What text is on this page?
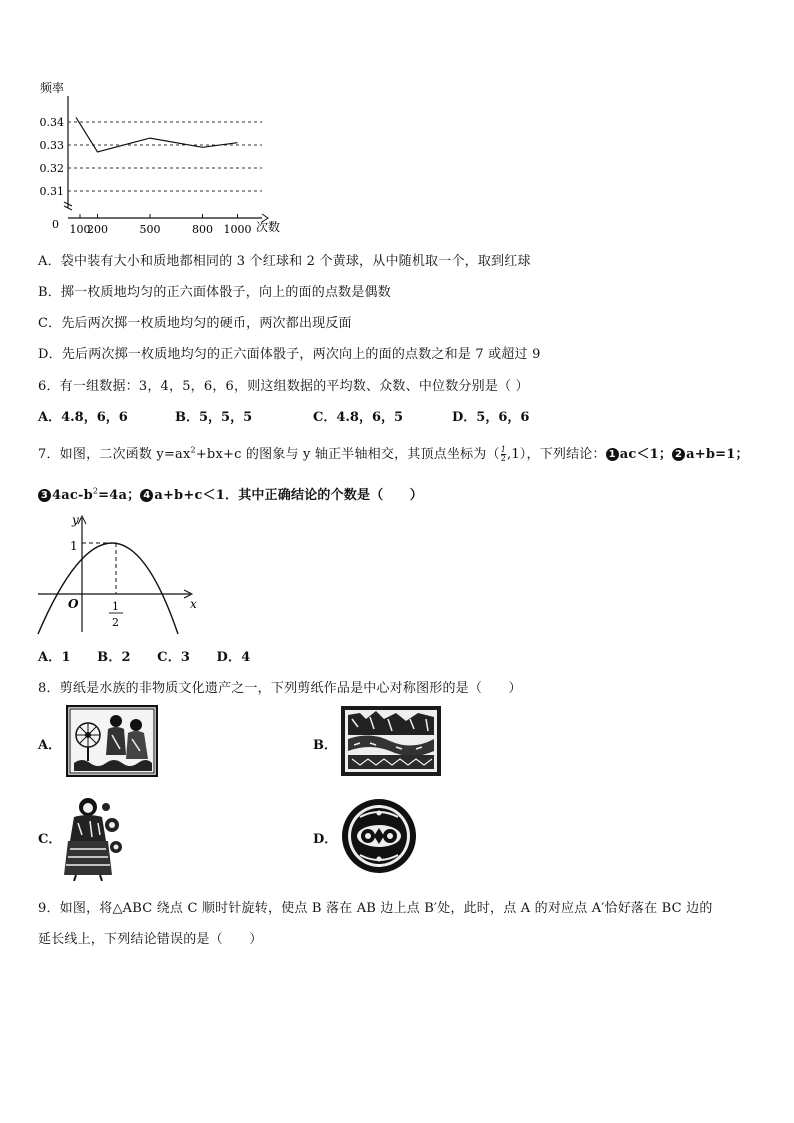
频率
次数
0
0.34
0.33
0.32
0.31
100
200	500	800 1000
A．袋中装有大小和质地都相同的 3 个红球和 2 个黄球，从中随机取一个，取到红球
B．掷一枚质地均匀的正六面体骰子，向上的面的点数是偶数
C．先后两次掷一枚质地均匀的硬币，两次都出现反面
D．先后两次掷一枚质地均匀的正六面体骰子，两次向上的面的点数之和是 7 或超过 9
6．有一组数据：3，4，5，6，6，则这组数据的平均数、众数、中位数分别是（ ）
A．4.8，6，6	B．5，5，5	C．4.8，6，5	D．5，6，6
7．如图，二次函数 $y=ax^2+bx+c$ 的图象与 y 轴正半轴相交，其顶点坐标为（ $\frac{1}{2} ,1$），下列结论： 1 ac＜1； 2 a+b=1；
3 $4ac-b^2=4a$； 4 a+b+c＜1．其中正确结论的个数是（　　）
y
x
O
1
1
2
A．1　　B．2　　C．3　　D．4
8．剪纸是水族的非物质文化遗产之一，下列剪纸作品是中心对称图形的是（　　）
A．	B．
C．	D．
9．如图，将△ABC 绕点 C 顺时针旋转，使点 B 落在 AB 边上点 B′处，此时，点 A 的对应点 A′恰好落在 BC 边的
延长线上，下列结论错误的是（　　）
